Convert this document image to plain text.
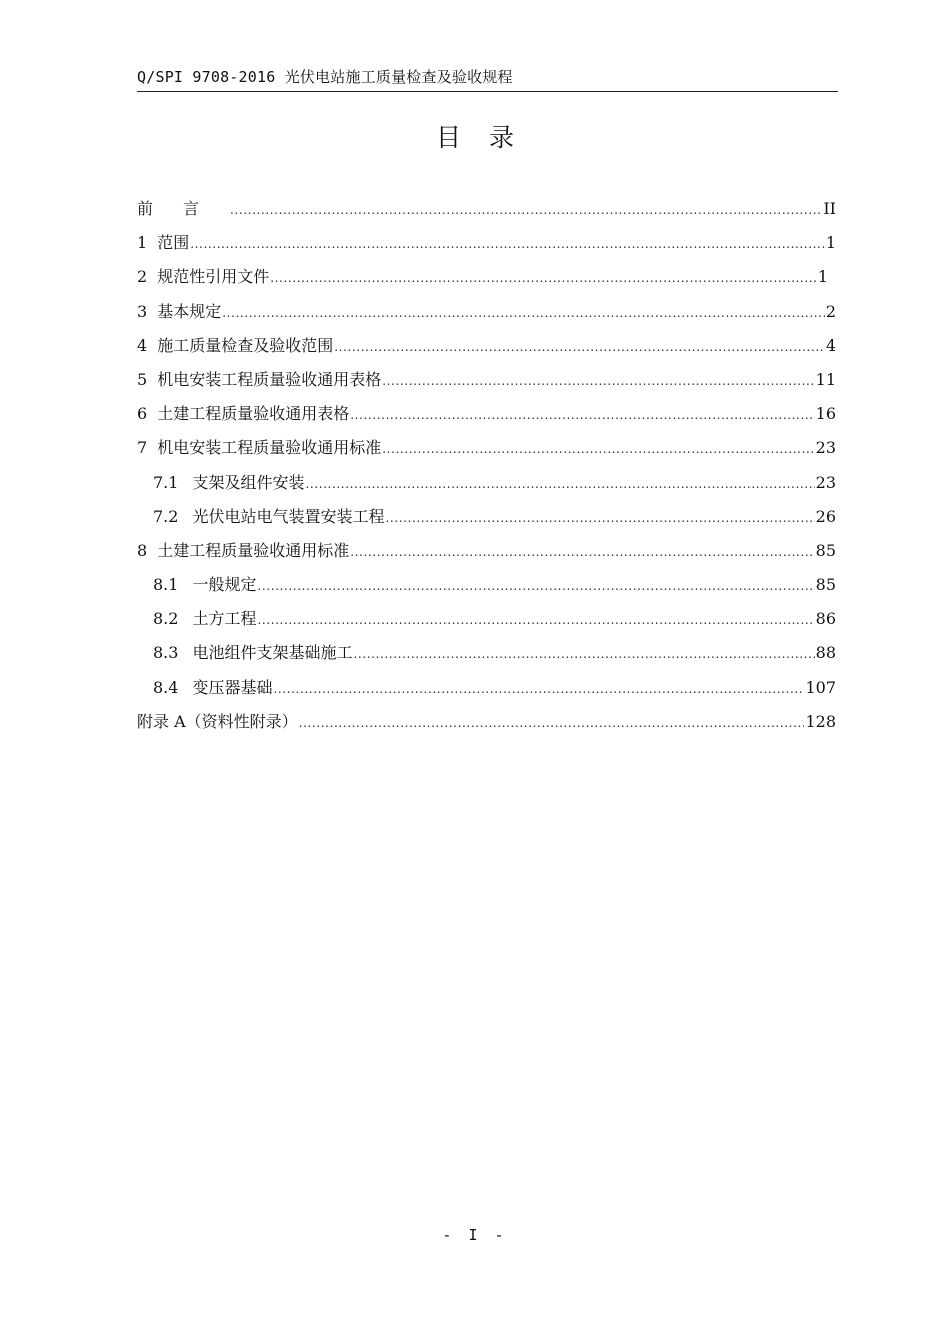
Q/SPI 9708-2016 光伏电站施工质量检查及验收规程
目录
前言 .....	II
1 范围 .....	1
2 规范性引用文件 .....	1
3 基本规定 .....	2
4 施工质量检查及验收范围 .....	4
5 机电安装工程质量验收通用表格 .....	11
6 土建工程质量验收通用表格 .....	16
7 机电安装工程质量验收通用标准 .....	23
7.1 支架及组件安装 .....	23
7.2 光伏电站电气装置安装工程 .....	26
8 土建工程质量验收通用标准 .....	85
8.1 一般规定 .....	85
8.2 土方工程 .....	86
8.3 电池组件支架基础施工 .....	88
8.4 变压器基础 .....	107
附录 A（资料性附录） .....	128
- I -
